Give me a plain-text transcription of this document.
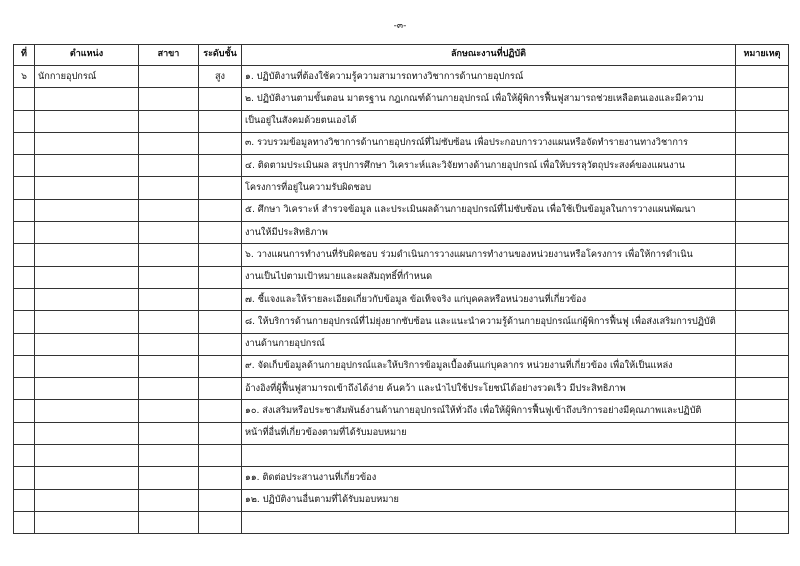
-๓-
ที่	ตำแหน่ง	สาขา	ระดับชั้น	ลักษณะงานที่ปฏิบัติ	หมายเหตุ
๖	นักกายอุปกรณ์		สูง	๑. ปฏิบัติงานที่ต้องใช้ความรู้ความสามารถทางวิชาการด้านกายอุปกรณ์	
				๒. ปฏิบัติงานตามขั้นตอน มาตรฐาน กฎเกณฑ์ด้านกายอุปกรณ์ เพื่อให้ผู้พิการฟื้นฟูสามารถช่วยเหลือตนเองและมีความ	
				เป็นอยู่ในสังคมด้วยตนเองได้	
				๓. รวบรวมข้อมูลทางวิชาการด้านกายอุปกรณ์ที่ไม่ซับซ้อน เพื่อประกอบการวางแผนหรือจัดทำรายงานทางวิชาการ	
				๔. ติดตามประเมินผล สรุปการศึกษา วิเคราะห์และวิจัยทางด้านกายอุปกรณ์ เพื่อให้บรรลุวัตถุประสงค์ของแผนงาน	
				โครงการที่อยู่ในความรับผิดชอบ	
				๕. ศึกษา วิเคราะห์ สำรวจข้อมูล และประเมินผลด้านกายอุปกรณ์ที่ไม่ซับซ้อน เพื่อใช้เป็นข้อมูลในการวางแผนพัฒนา	
				งานให้มีประสิทธิภาพ	
				๖. วางแผนการทำงานที่รับผิดชอบ ร่วมดำเนินการวางแผนการทำงานของหน่วยงานหรือโครงการ เพื่อให้การดำเนิน	
				งานเป็นไปตามเป้าหมายและผลสัมฤทธิ์ที่กำหนด	
				๗. ชี้แจงและให้รายละเอียดเกี่ยวกับข้อมูล ข้อเท็จจริง แก่บุคคลหรือหน่วยงานที่เกี่ยวข้อง	
				๘. ให้บริการด้านกายอุปกรณ์ที่ไม่ยุ่งยากซับซ้อน และแนะนำความรู้ด้านกายอุปกรณ์แก่ผู้พิการฟื้นฟู เพื่อส่งเสริมการปฏิบัติ	
				งานด้านกายอุปกรณ์	
				๙. จัดเก็บข้อมูลด้านกายอุปกรณ์และให้บริการข้อมูลเบื้องต้นแก่บุคลากร หน่วยงานที่เกี่ยวข้อง เพื่อให้เป็นแหล่ง	
				อ้างอิงที่ผู้ฟื้นฟูสามารถเข้าถึงได้ง่าย ค้นคว้า และนำไปใช้ประโยชน์ได้อย่างรวดเร็ว มีประสิทธิภาพ	
				๑๐. ส่งเสริมหรือประชาสัมพันธ์งานด้านกายอุปกรณ์ให้ทั่วถึง เพื่อให้ผู้พิการฟื้นฟูเข้าถึงบริการอย่างมีคุณภาพและปฏิบัติ	
				หน้าที่อื่นที่เกี่ยวข้องตามที่ได้รับมอบหมาย	

				๑๑. ติดต่อประสานงานที่เกี่ยวข้อง	
				๑๒. ปฏิบัติงานอื่นตามที่ได้รับมอบหมาย	
